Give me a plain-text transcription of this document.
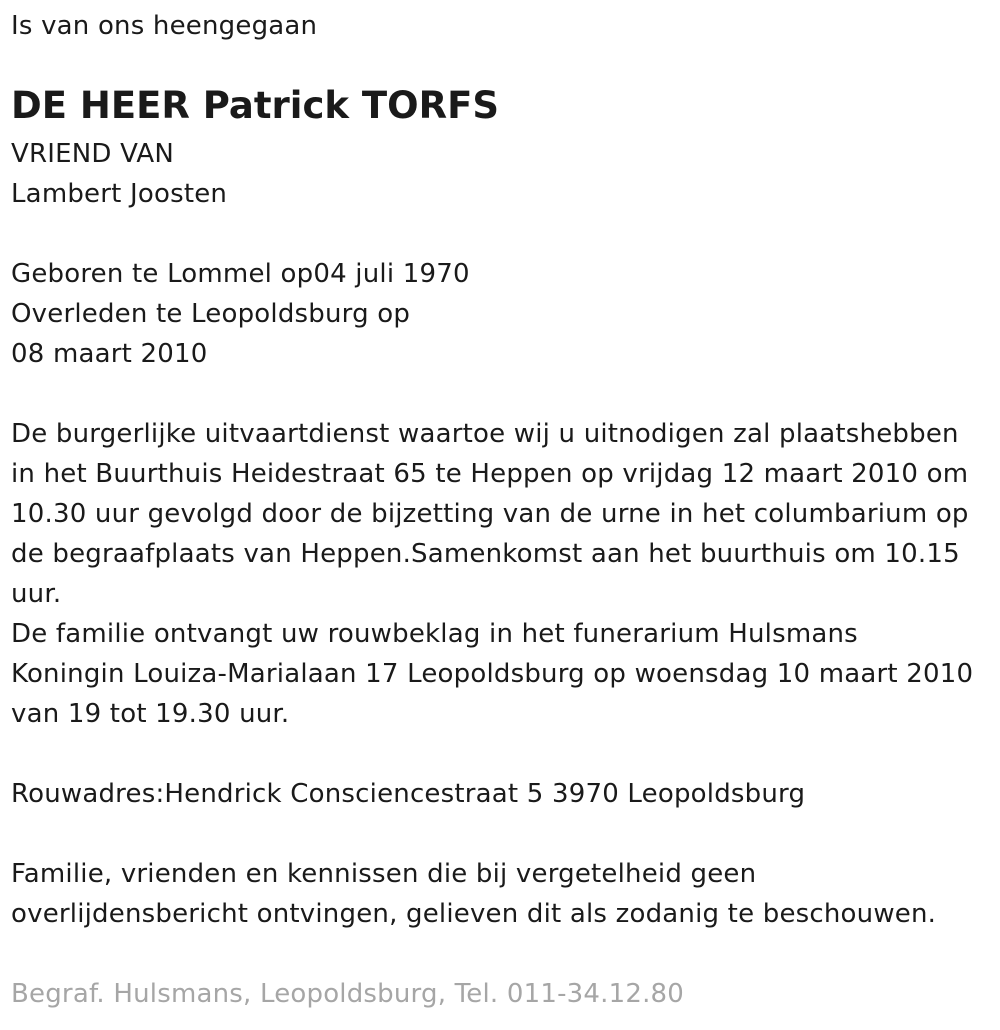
Is van ons heengegaan
DE HEER Patrick TORFS
VRIEND VAN
Lambert Joosten
Geboren te Lommel op04 juli 1970
Overleden te Leopoldsburg op
08 maart 2010
De burgerlijke uitvaartdienst waartoe wij u uitnodigen zal plaatshebben
in het Buurthuis Heidestraat 65 te Heppen op vrijdag 12 maart 2010 om
10.30 uur gevolgd door de bijzetting van de urne in het columbarium op
de begraafplaats van Heppen.Samenkomst aan het buurthuis om 10.15
uur.
De familie ontvangt uw rouwbeklag in het funerarium Hulsmans
Koningin Louiza-Marialaan 17 Leopoldsburg op woensdag 10 maart 2010
van 19 tot 19.30 uur.
Rouwadres:Hendrick Consciencestraat 5 3970 Leopoldsburg
Familie, vrienden en kennissen die bij vergetelheid geen
overlijdensbericht ontvingen, gelieven dit als zodanig te beschouwen.
Begraf. Hulsmans, Leopoldsburg, Tel. 011-34.12.80
